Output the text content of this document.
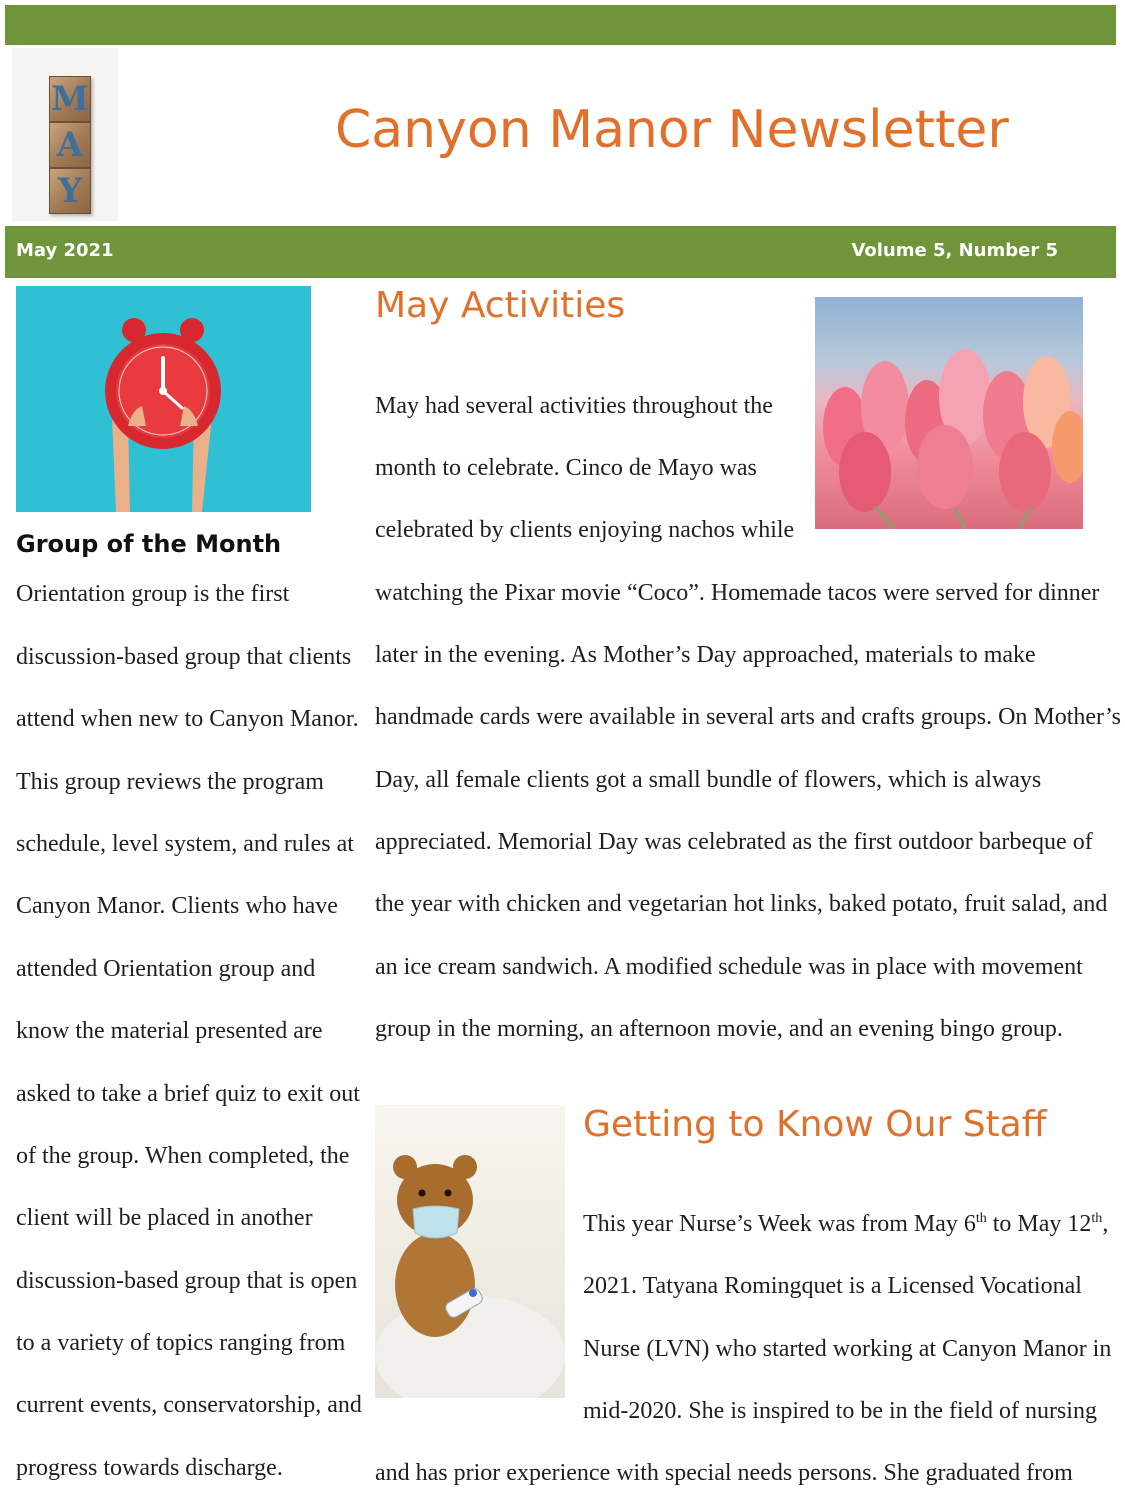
M
A
Y
Canyon Manor Newsletter
May 2021	Volume 5, Number 5
Group of the Month
Orientation group is the first
discussion-based group that clients
attend when new to Canyon Manor.
This group reviews the program
schedule, level system, and rules at
Canyon Manor. Clients who have
attended Orientation group and
know the material presented are
asked to take a brief quiz to exit out
of the group. When completed, the
client will be placed in another
discussion-based group that is open
to a variety of topics ranging from
current events, conservatorship, and
progress towards discharge.
May Activities
May had several activities throughout the
month to celebrate. Cinco de Mayo was
celebrated by clients enjoying nachos while
watching the Pixar movie “Coco”. Homemade tacos were served for dinner
later in the evening. As Mother’s Day approached, materials to make
handmade cards were available in several arts and crafts groups. On Mother’s
Day, all female clients got a small bundle of flowers, which is always
appreciated. Memorial Day was celebrated as the first outdoor barbeque of
the year with chicken and vegetarian hot links, baked potato, fruit salad, and
an ice cream sandwich. A modified schedule was in place with movement
group in the morning, an afternoon movie, and an evening bingo group.
Getting to Know Our Staff
This year Nurse’s Week was from May 6th to May 12th,
2021. Tatyana Romingquet is a Licensed Vocational
Nurse (LVN) who started working at Canyon Manor in
mid-2020. She is inspired to be in the field of nursing
and has prior experience with special needs persons. She graduated from
